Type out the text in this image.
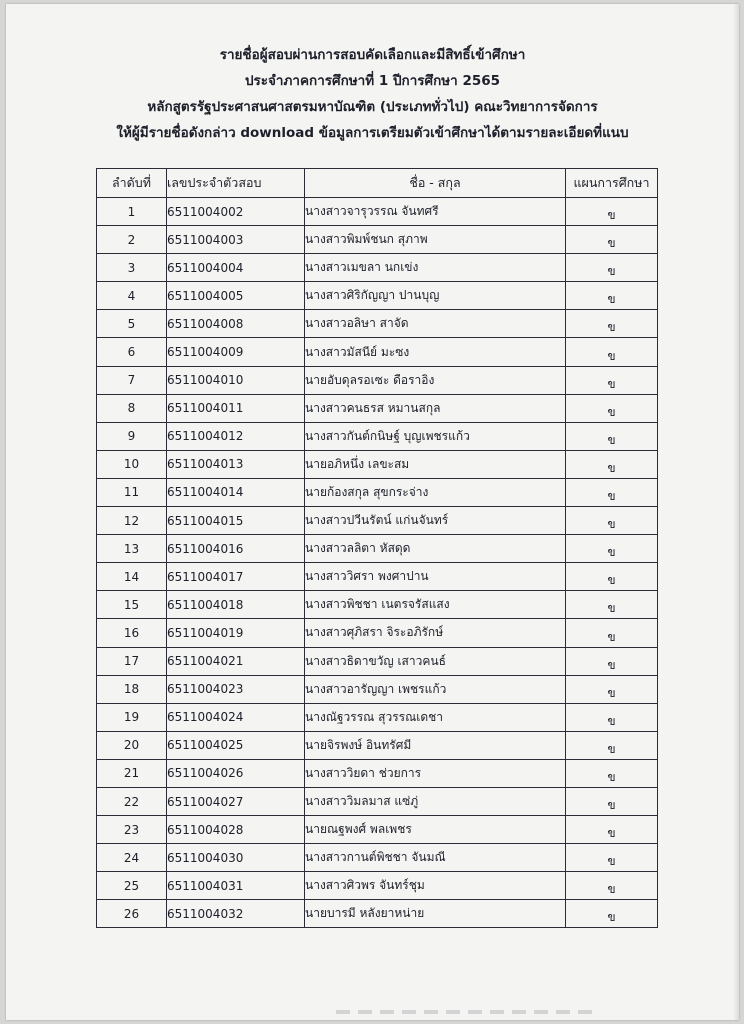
รายชื่อผู้สอบผ่านการสอบคัดเลือกและมีสิทธิ์เข้าศึกษา
ประจำภาคการศึกษาที่ 1 ปีการศึกษา 2565
หลักสูตรรัฐประศาสนศาสตรมหาบัณฑิต (ประเภททั่วไป) คณะวิทยาการจัดการ
ให้ผู้มีรายชื่อดังกล่าว download ข้อมูลการเตรียมตัวเข้าศึกษาได้ตามรายละเอียดที่แนบ
ลำดับที่	เลขประจำตัวสอบ	ชื่อ - สกุล	แผนการศึกษา
1	6511004002	นางสาวจารุวรรณ จันทศรี	ข
2	6511004003	นางสาวพิมพ์ชนก สุภาพ	ข
3	6511004004	นางสาวเมขลา นกเข่ง	ข
4	6511004005	นางสาวศิริกัญญา ปานบุญ	ข
5	6511004008	นางสาวอลิษา สาจัด	ข
6	6511004009	นางสาวมัสนีย์ มะซง	ข
7	6511004010	นายอับดุลรอเซะ ดือราอิง	ข
8	6511004011	นางสาวคนธรส หมานสกุล	ข
9	6511004012	นางสาวกันต์กนิษฐ์ บุญเพชรแก้ว	ข
10	6511004013	นายอภิหนึ่ง เลขะสม	ข
11	6511004014	นายก้องสกุล สุขกระจ่าง	ข
12	6511004015	นางสาวปวีนรัตน์ แก่นจันทร์	ข
13	6511004016	นางสาวลลิตา หัสดุด	ข
14	6511004017	นางสาววิศรา พงศาปาน	ข
15	6511004018	นางสาวพิชชา เนตรจรัสแสง	ข
16	6511004019	นางสาวศุภิสรา จิระอภิรักษ์	ข
17	6511004021	นางสาวธิดาขวัญ เสาวคนธ์	ข
18	6511004023	นางสาวอารัญญา เพชรแก้ว	ข
19	6511004024	นางณัฐวรรณ สุวรรณเดชา	ข
20	6511004025	นายจิรพงษ์ อินทรัศมี	ข
21	6511004026	นางสาววิยดา ช่วยการ	ข
22	6511004027	นางสาววิมลมาส แซ่ภู่	ข
23	6511004028	นายณฐพงศ์ พลเพชร	ข
24	6511004030	นางสาวกานต์พิชชา จันมณี	ข
25	6511004031	นางสาวศิวพร จันทร์ชุม	ข
26	6511004032	นายบารมี หลังยาหน่าย	ข
